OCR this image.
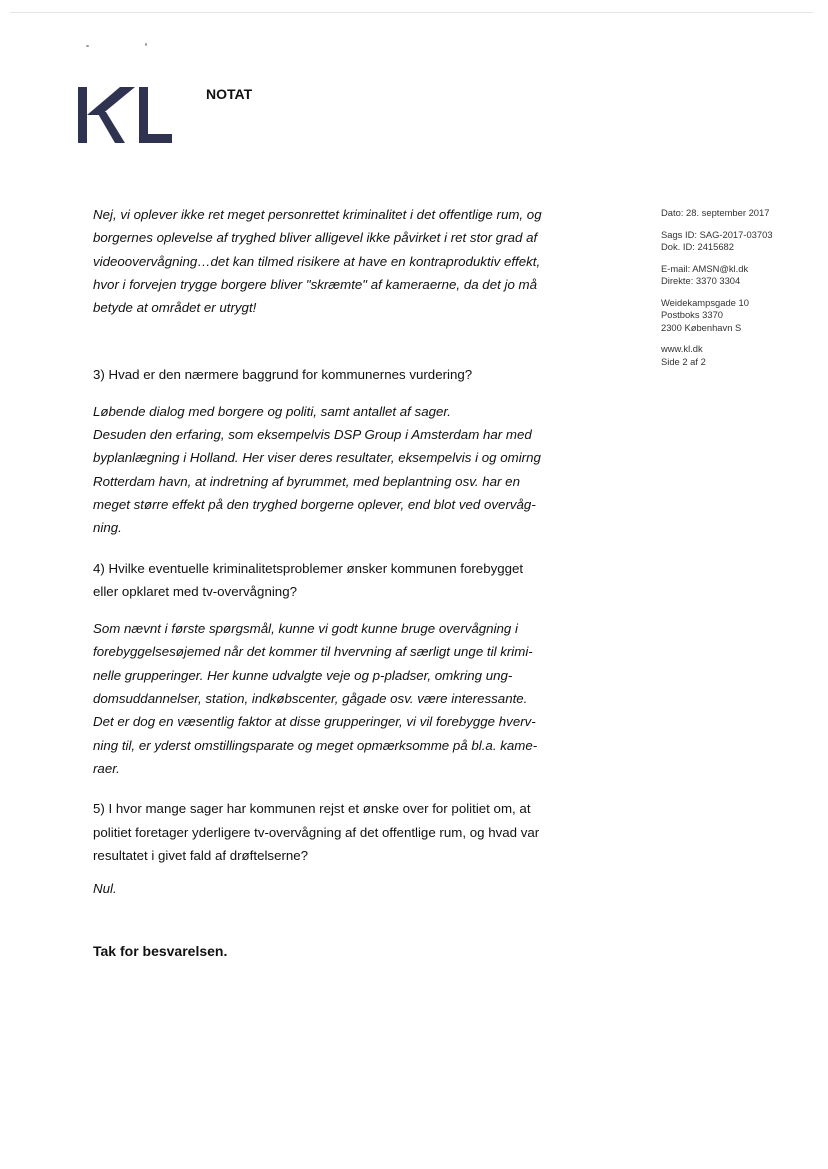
NOTAT
Dato: 28. september 2017
Sags ID: SAG-2017-03703
Dok. ID: 2415682
E-mail: AMSN@kl.dk
Direkte: 3370 3304
Weidekampsgade 10
Postboks 3370
2300 København S
www.kl.dk
Side 2 af 2

Nej, vi oplever ikke ret meget personrettet kriminalitet i det offentlige rum, og
borgernes oplevelse af tryghed bliver alligevel ikke påvirket i ret stor grad af
videoovervågning…det kan tilmed risikere at have en kontraproduktiv effekt,
hvor i forvejen trygge borgere bliver "skræmte" af kameraerne, da det jo må
betyde at området er utrygt!

3) Hvad er den nærmere baggrund for kommunernes vurdering?

Løbende dialog med borgere og politi, samt antallet af sager.
Desuden den erfaring, som eksempelvis DSP Group i Amsterdam har med
byplanlægning i Holland. Her viser deres resultater, eksempelvis i og omirng
Rotterdam havn, at indretning af byrummet, med beplantning osv. har en
meget større effekt på den tryghed borgerne oplever, end blot ved overvåg-
ning.

4) Hvilke eventuelle kriminalitetsproblemer ønsker kommunen forebygget
eller opklaret med tv-overvågning?

Som nævnt i første spørgsmål, kunne vi godt kunne bruge overvågning i
forebyggelsesøjemed når det kommer til hvervning af særligt unge til krimi-
nelle grupperinger. Her kunne udvalgte veje og p-pladser, omkring ung-
domsuddannelser, station, indkøbscenter, gågade osv. være interessante.
Det er dog en væsentlig faktor at disse grupperinger, vi vil forebygge hverv-
ning til, er yderst omstillingsparate og meget opmærksomme på bl.a. kame-
raer.

5) I hvor mange sager har kommunen rejst et ønske over for politiet om, at
politiet foretager yderligere tv-overvågning af det offentlige rum, og hvad var
resultatet i givet fald af drøftelserne?

Nul.

Tak for besvarelsen.
